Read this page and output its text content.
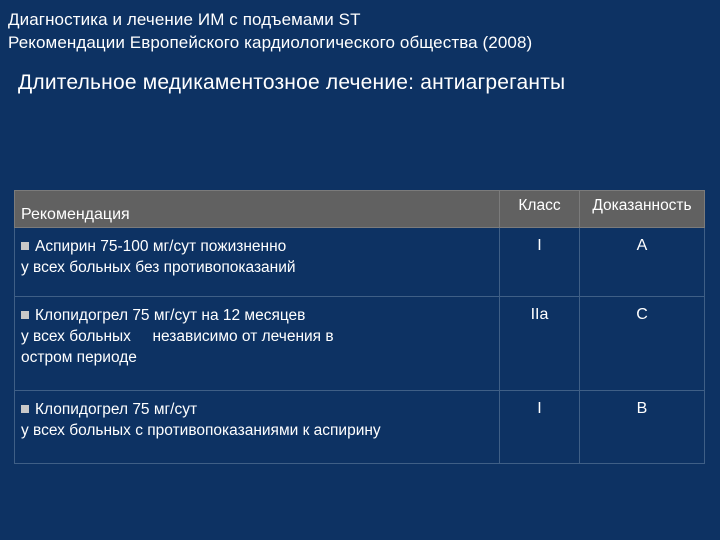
Диагностика и лечение ИМ с подъемами ST
Рекомендации Европейского кардиологического общества (2008)
Длительное медикаментозное лечение: антиагреганты
Рекомендация	Класс	Доказанность
Аспирин 75-100 мг/сут пожизненно
у всех больных без противопоказаний	I	A
Клопидогрел 75 мг/сут на 12 месяцев
у всех больных     независимо от лечения в
остром периоде	IIa	C
Клопидогрел 75 мг/сут
у всех больных с противопоказаниями к аспирину	I	B
